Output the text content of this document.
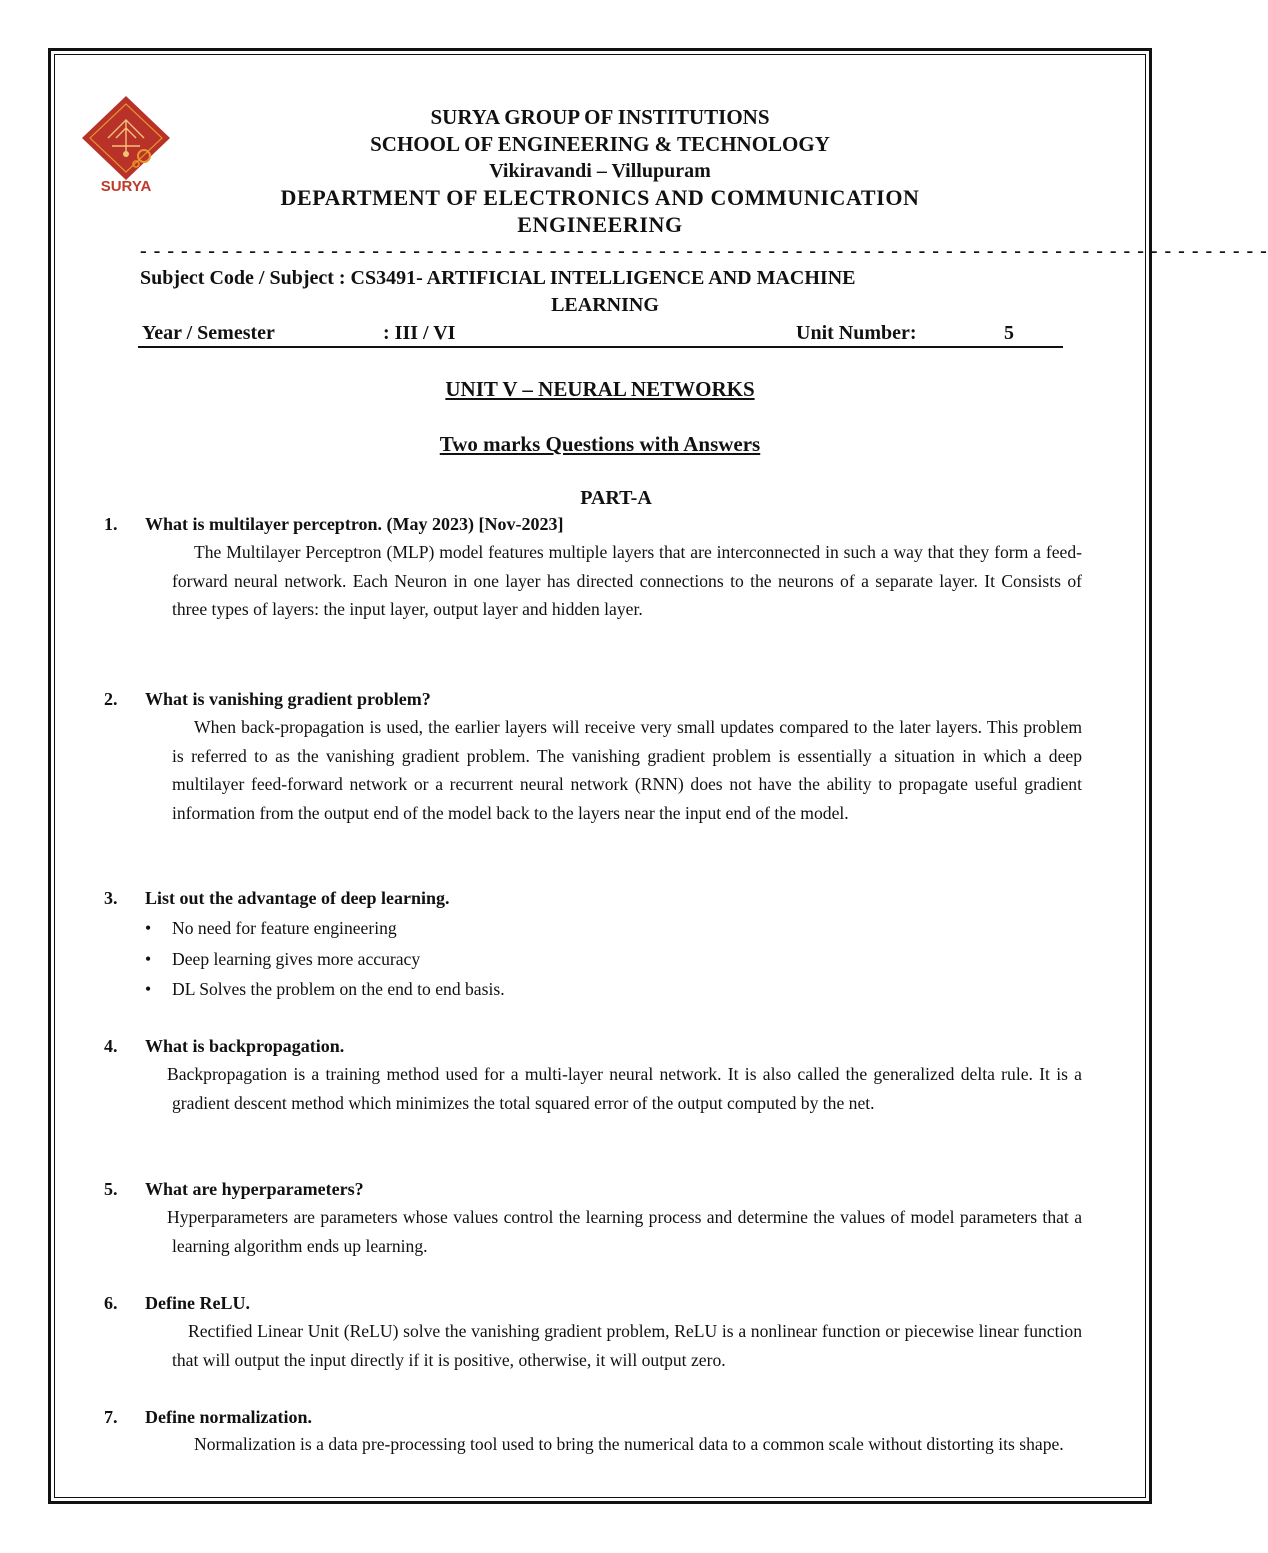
SURYA
SURYA GROUP OF INSTITUTIONS
SCHOOL OF ENGINEERING & TECHNOLOGY
Vikiravandi – Villupuram
DEPARTMENT OF ELECTRONICS AND COMMUNICATION
ENGINEERING
- - - - - - - - - - - - - - - - - - - - - - - - - - - - - - - - - - - - - - - - - - - - - - - - - - - - - - - - - - - - - - - - - - - - - - - - - - - - - - - - - - -
Subject Code / Subject : CS3491- ARTIFICIAL INTELLIGENCE AND MACHINE
LEARNING
Year / Semester	: III / VI	Unit Number:	5
UNIT V – NEURAL NETWORKS
Two marks Questions with Answers
PART-A
1. What is multilayer perceptron. (May 2023) [Nov-2023]

The Multilayer Perceptron (MLP) model features multiple layers that are interconnected in such a way that they form a feed-forward neural network. Each Neuron in one layer has directed connections to the neurons of a separate layer. It Consists of three types of layers: the input layer, output layer and hidden layer.

2. What is vanishing gradient problem?

When back-propagation is used, the earlier layers will receive very small updates compared to the later layers. This problem is referred to as the vanishing gradient problem. The vanishing gradient problem is essentially a situation in which a deep multilayer feed-forward network or a recurrent neural network (RNN) does not have the ability to propagate useful gradient information from the output end of the model back to the layers near the input end of the model.

3. List out the advantage of deep learning.
• No need for feature engineering
• Deep learning gives more accuracy
• DL Solves the problem on the end to end basis.
4. What is backpropagation.

Backpropagation is a training method used for a multi-layer neural network. It is also called the generalized delta rule. It is a gradient descent method which minimizes the total squared error of the output computed by the net.

5. What are hyperparameters?

Hyperparameters are parameters whose values control the learning process and determine the values of model parameters that a learning algorithm ends up learning.

6. Define ReLU.

Rectified Linear Unit (ReLU) solve the vanishing gradient problem, ReLU is a nonlinear function or piecewise linear function that will output the input directly if it is positive, otherwise, it will output zero.

7. Define normalization.

Normalization is a data pre-processing tool used to bring the numerical data to a common scale without distorting its shape.
